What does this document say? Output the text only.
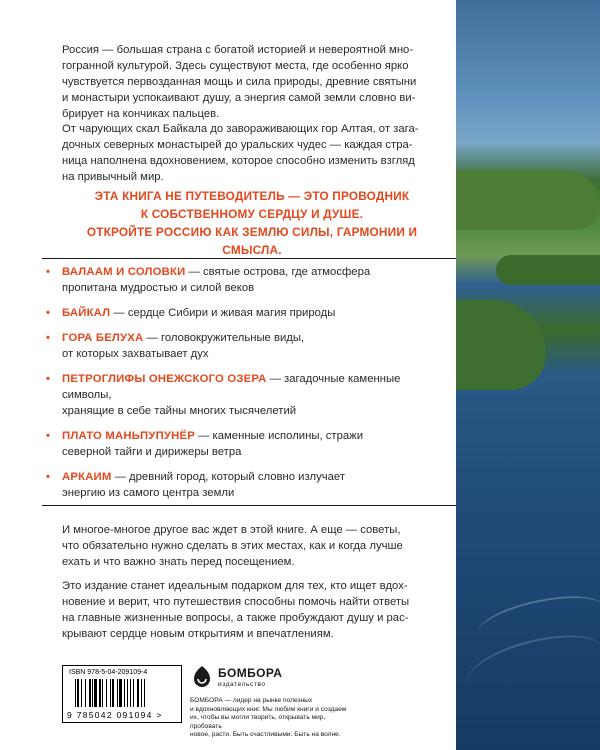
Россия — большая страна с богатой историей и невероятной мно-
гогранной культурой. Здесь существуют места, где особенно ярко
чувствуется первозданная мощь и сила природы, древние святыни
и монастыри успокаивают душу, а энергия самой земли словно ви-
брирует на кончиках пальцев.

От чарующих скал Байкала до завораживающих гор Алтая, от зага-
дочных северных монастырей до уральских чудес — каждая стра-
ница наполнена вдохновением, которое способно изменить взгляд
на привычный мир.

ЭТА КНИГА НЕ ПУТЕВОДИТЕЛЬ — ЭТО ПРОВОДНИК
К СОБСТВЕННОМУ СЕРДЦУ И ДУШЕ.
ОТКРОЙТЕ РОССИЮ КАК ЗЕМЛЮ СИЛЫ, ГАРМОНИИ И СМЫСЛА.

• ВАЛААМ И СОЛОВКИ — святые острова, где атмосфера
пропитана мудростью и силой веков
• БАЙКАЛ — сердце Сибири и живая магия природы
• ГОРА БЕЛУХА — головокружительные виды,
от которых захватывает дух
• ПЕТРОГЛИФЫ ОНЕЖСКОГО ОЗЕРА — загадочные каменные символы,
хранящие в себе тайны многих тысячелетий
• ПЛАТО МАНЬПУПУНЁР — каменные исполины, стражи
северной тайги и дирижеры ветра
• АРКАИМ — древний город, который словно излучает
энергию из самого центра земли

И многое-многое другое вас ждет в этой книге. А еще — советы,
что обязательно нужно сделать в этих местах, как и когда лучше
ехать и что важно знать перед посещением.

Это издание станет идеальным подарком для тех, кто ищет вдох-
новение и верит, что путешествия способны помочь найти ответы
на главные жизненные вопросы, а также пробуждают душу и рас-
крывают сердце новым открытиям и впечатлениям.

ISBN 978-5-04-209109-4
9 785042 091094 >
БОМБОРА
издательство

БОМБОРА — лидер на рынке полезных
и вдохновляющих книг. Мы любим книги и создаем
их, чтобы вы могли творить, открывать мир, пробовать
новое, расти. Быть счастливыми. Быть на волне.
